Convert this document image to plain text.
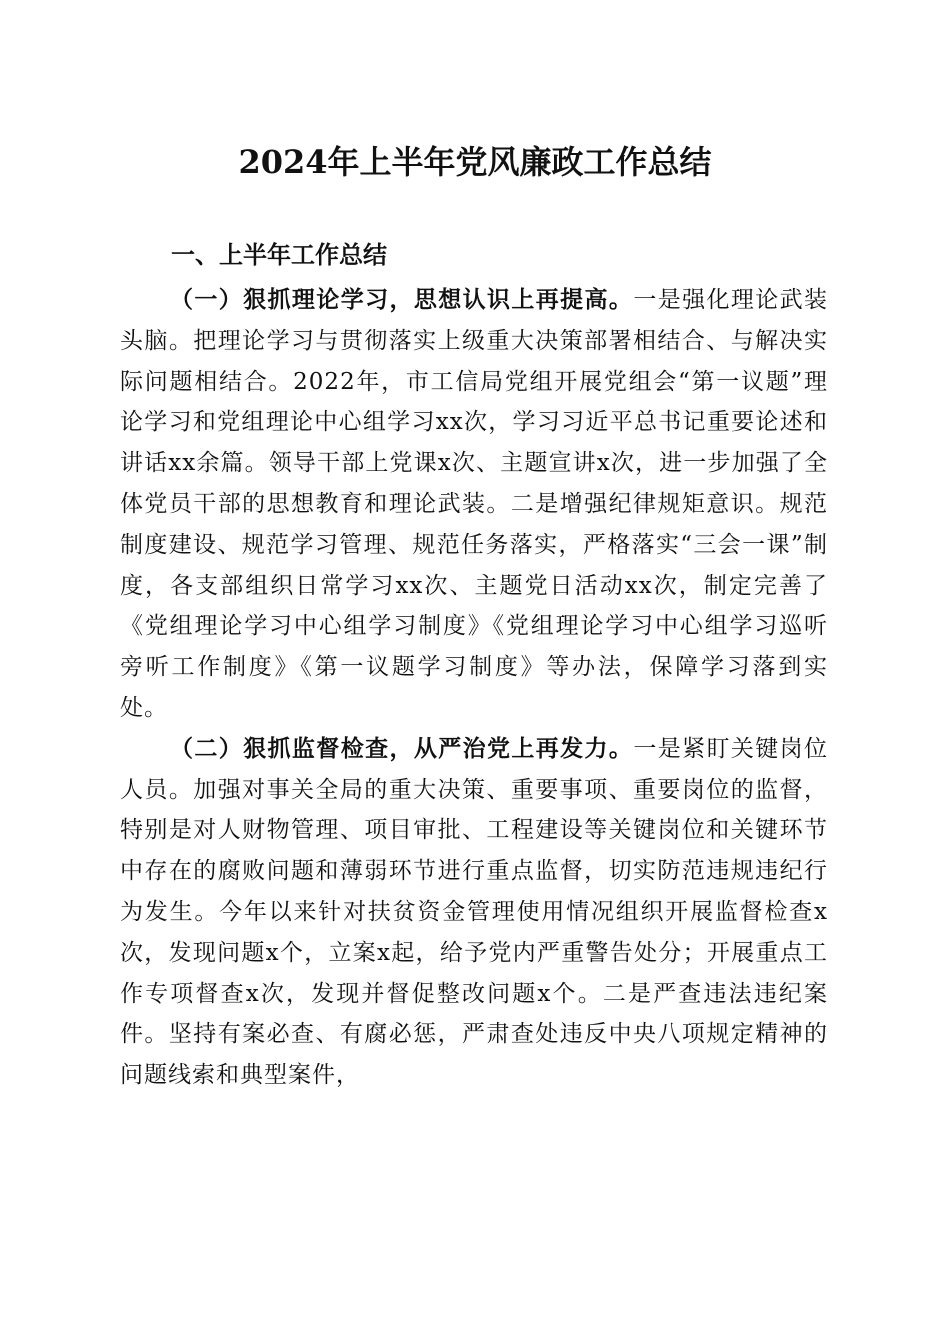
2024年上半年党风廉政工作总结
一、上半年工作总结

（一）狠抓理论学习，思想认识上再提高。一是强化理论武装头脑。把理论学习与贯彻落实上级重大决策部署相结合、与解决实际问题相结合。2022年，市工信局党组开展党组会“第一议题”理论学习和党组理论中心组学习xx次，学习习近平总书记重要论述和讲话xx余篇。领导干部上党课x次、主题宣讲x次，进一步加强了全体党员干部的思想教育和理论武装。二是增强纪律规矩意识。规范制度建设、规范学习管理、规范任务落实，严格落实“三会一课”制度，各支部组织日常学习xx次、主题党日活动xx次，制定完善了《党组理论学习中心组学习制度》《党组理论学习中心组学习巡听旁听工作制度》《第一议题学习制度》等办法，保障学习落到实处。

（二）狠抓监督检查，从严治党上再发力。一是紧盯关键岗位人员。加强对事关全局的重大决策、重要事项、重要岗位的监督，特别是对人财物管理、项目审批、工程建设等关键岗位和关键环节中存在的腐败问题和薄弱环节进行重点监督，切实防范违规违纪行为发生。今年以来针对扶贫资金管理使用情况组织开展监督检查x次，发现问题x个，立案x起，给予党内严重警告处分；开展重点工作专项督查x次，发现并督促整改问题x个。二是严查违法违纪案件。坚持有案必查、有腐必惩，严肃查处违反中央八项规定精神的问题线索和典型案件，
